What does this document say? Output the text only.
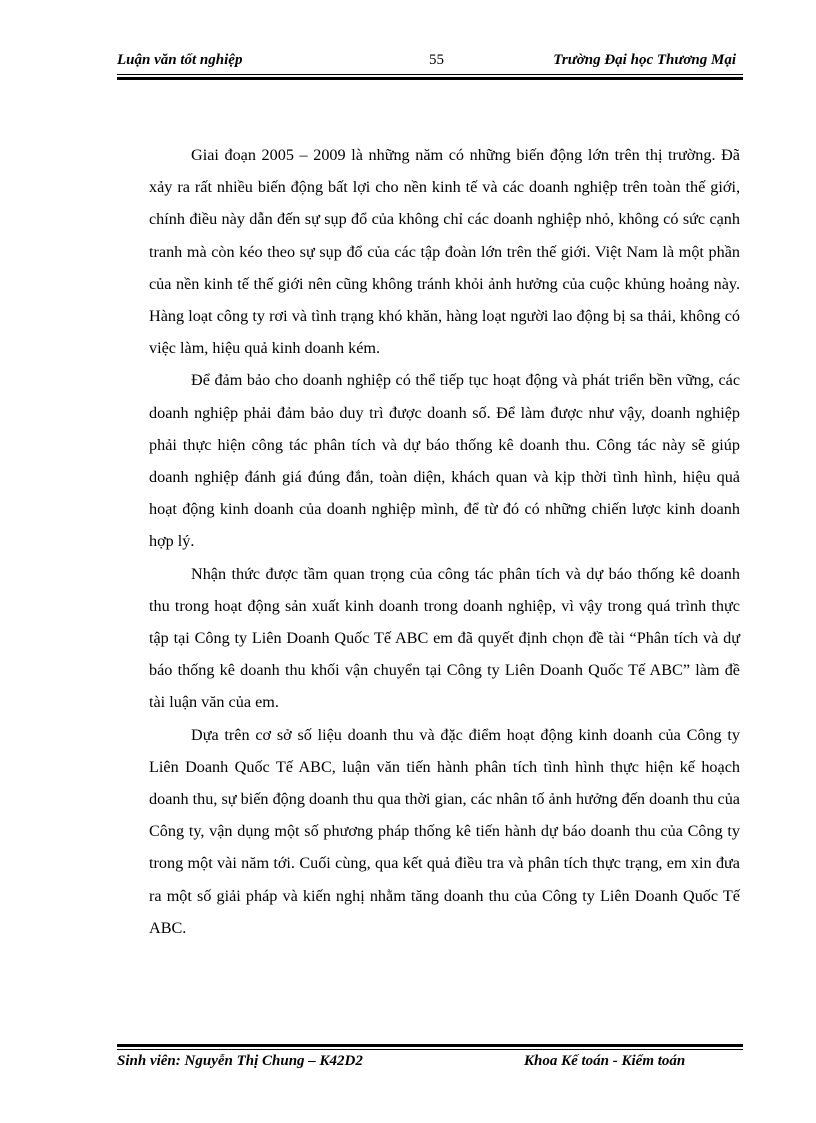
Luận văn tốt nghiệp	55	Trường Đại học Thương Mại

Giai đoạn 2005 – 2009 là những năm có những biến động lớn trên thị trường. Đã xảy ra rất nhiều biến động bất lợi cho nền kinh tế và các doanh nghiệp trên toàn thế giới, chính điều này dẫn đến sự sụp đổ của không chỉ các doanh nghiệp nhỏ, không có sức cạnh tranh mà còn kéo theo sự sụp đổ của các tập đoàn lớn trên thế giới. Việt Nam là một phần của nền kinh tế thế giới nên cũng không tránh khỏi ảnh hưởng của cuộc khủng hoảng này. Hàng loạt công ty rơi và tình trạng khó khăn, hàng loạt người lao động bị sa thải, không có việc làm, hiệu quả kinh doanh kém.

Để đảm bảo cho doanh nghiệp có thể tiếp tục hoạt động và phát triển bền vững, các doanh nghiệp phải đảm bảo duy trì được doanh số. Để làm được như vậy, doanh nghiệp phải thực hiện công tác phân tích và dự báo thống kê doanh thu. Công tác này sẽ giúp doanh nghiệp đánh giá đúng đắn, toàn diện, khách quan và kịp thời tình hình, hiệu quả hoạt động kinh doanh của doanh nghiệp mình, để từ đó có những chiến lược kinh doanh hợp lý.

Nhận thức được tầm quan trọng của công tác phân tích và dự báo thống kê doanh thu trong hoạt động sản xuất kinh doanh trong doanh nghiệp, vì vậy trong quá trình thực tập tại Công ty Liên Doanh Quốc Tế ABC em đã quyết định chọn đề tài “Phân tích và dự báo thống kê doanh thu khối vận chuyển tại Công ty Liên Doanh Quốc Tế ABC” làm đề tài luận văn của em.

Dựa trên cơ sở số liệu doanh thu và đặc điểm hoạt động kinh doanh của Công ty Liên Doanh Quốc Tế ABC, luận văn tiến hành phân tích tình hình thực hiện kế hoạch doanh thu, sự biến động doanh thu qua thời gian, các nhân tố ảnh hưởng đến doanh thu của Công ty, vận dụng một số phương pháp thống kê tiến hành dự báo doanh thu của Công ty trong một vài năm tới. Cuối cùng, qua kết quả điều tra và phân tích thực trạng, em xin đưa ra một số giải pháp và kiến nghị nhằm tăng doanh thu của Công ty Liên Doanh Quốc Tế ABC.

Sinh viên: Nguyễn Thị Chung – K42D2	Khoa Kế toán - Kiểm toán
